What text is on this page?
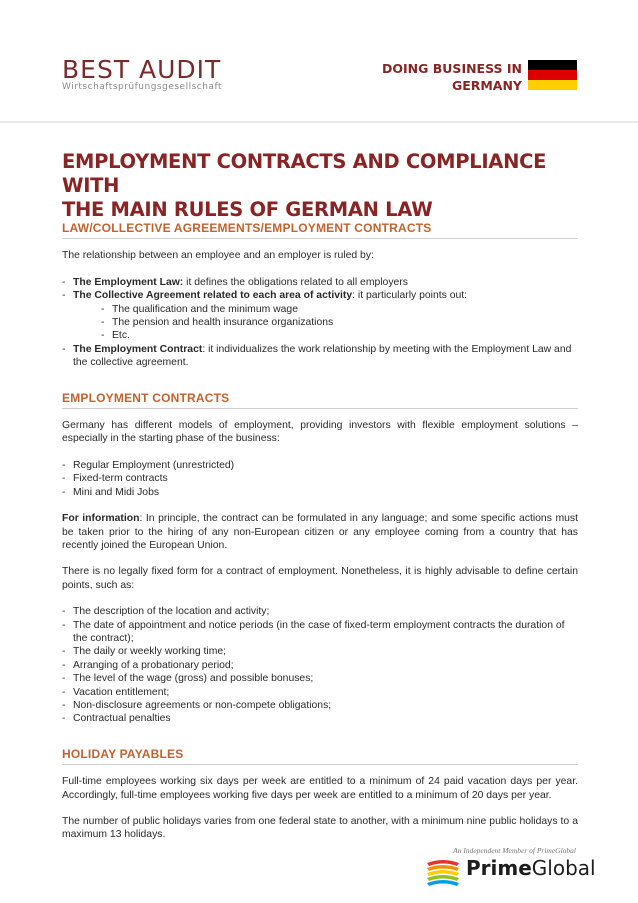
BEST AUDIT
Wirtschaftsprüfungsgesellschaft
DOING BUSINESS IN
GERMANY
EMPLOYMENT CONTRACTS AND COMPLIANCE WITH
THE MAIN RULES OF GERMAN LAW
LAW/COLLECTIVE AGREEMENTS/EMPLOYMENT CONTRACTS

The relationship between an employee and an employer is ruled by:

- The Employment Law: it defines the obligations related to all employers
- The Collective Agreement related to each area of activity: it particularly points out:
- The qualification and the minimum wage
- The pension and health insurance organizations
- Etc.
- The Employment Contract: it individualizes the work relationship by meeting with the Employment Law and the collective agreement.
EMPLOYMENT CONTRACTS

Germany has different models of employment, providing investors with flexible employment solutions – especially in the starting phase of the business:

- Regular Employment (unrestricted)
- Fixed-term contracts
- Mini and Midi Jobs

For information: In principle, the contract can be formulated in any language; and some specific actions must be taken prior to the hiring of any non-European citizen or any employee coming from a country that has recently joined the European Union.

There is no legally fixed form for a contract of employment. Nonetheless, it is highly advisable to define certain points, such as:

- The description of the location and activity;
- The date of appointment and notice periods (in the case of fixed-term employment contracts the duration of the contract);
- The daily or weekly working time;
- Arranging of a probationary period;
- The level of the wage (gross) and possible bonuses;
- Vacation entitlement;
- Non-disclosure agreements or non-compete obligations;
- Contractual penalties
HOLIDAY PAYABLES

Full-time employees working six days per week are entitled to a minimum of 24 paid vacation days per year. Accordingly, full-time employees working five days per week are entitled to a minimum of 20 days per year.

The number of public holidays varies from one federal state to another, with a minimum nine public holidays to a maximum 13 holidays.

An Independent Member of PrimeGlobal
PrimeGlobal
